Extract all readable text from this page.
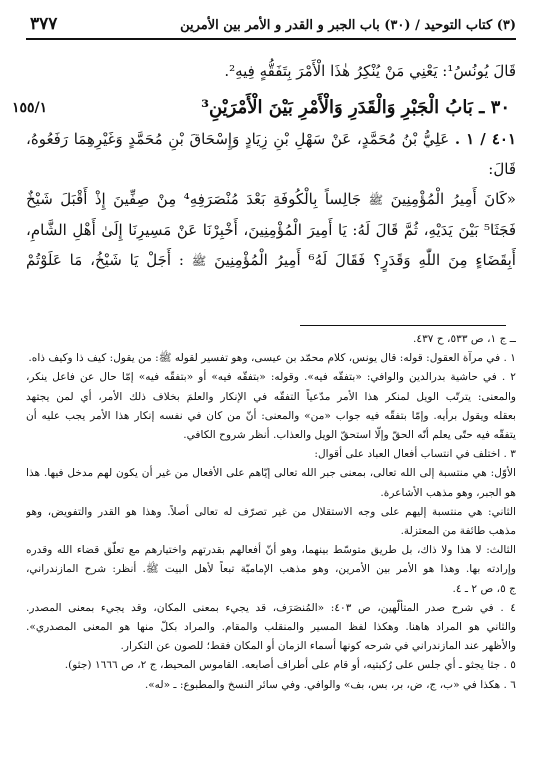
(٣) كتاب التوحيد / (٣٠) باب الجبر و القدر و الأمر بين الأمرين
٣٧٧
قَالَ يُونُسُ¹: يَعْنِي مَنْ يُنْكِرُ هٰذَا الْأَمْرَ بِتَفَقُّهٍ فِيهِ².
٣٠ ـ بَابُ الْجَبْرِ وَالْقَدَرِ وَالْأَمْرِ بَيْنَ الْأَمْرَيْنِ³
١٥٥/١
٤٠١ / ١ . عَلِيُّ بْنُ مُحَمَّدٍ، عَنْ سَهْلِ بْنِ زِيَادٍ وَإِسْحَاقَ بْنِ مُحَمَّدٍ وَغَيْرِهِمَا رَفَعُوهُ،
قَالَ:
«كَانَ أَمِيرُ الْمُؤْمِنِينَ ﷺ جَالِساً بِالْكُوفَةِ بَعْدَ مُنْصَرَفِهِ⁴ مِنْ صِفِّينَ إِذْ أَقْبَلَ شَيْخٌ
فَجَثَا⁵ بَيْنَ يَدَيْهِ، ثُمَّ قَالَ لَهُ: يَا أَمِيرَ الْمُؤْمِنِينَ، أَخْبِرْنَا عَنْ مَسِيرِنَا إِلَىٰ أَهْلِ الشَّامِ،
أَبِقَضَاءٍ مِنَ اللّٰهِ وَقَدَرٍ؟ فَقَالَ لَهُ⁶ أَمِيرُ الْمُؤْمِنِينَ ﷺ : أَجَلْ يَا شَيْخُ، مَا عَلَوْتُمْ
ــ ج ١، ص ٥٣٣، ح ٤٣٧.
١ . في مرآة العقول: قوله: قال يونس، كلام محمّد بن عيسى، وهو تفسير لقوله ﷺ: من يقول: كيف ذا وكيف ذاه.
٢ . في حاشية بدرالدين والوافي: «بتفقّه فيه». وقوله: «بتفقّه فيه» أو «بتفقّه فيه» إمّا حال عن فاعل ينكر،
والمعنى: يترتّب الويل لمنكر هذا الأمر مدّعياً التفقّه في الإنكار والعلمَ بخلاف ذلك الأمر، أي لمن يجتهد
بعقله ويقول برأيه. وإمّا بتفقّه فيه جواب «من» والمعنى: أنّ من كان في نفسه إنكار هذا الأمر يجب عليه أن
يتفقّه فيه حتّى يعلم أنّه الحقّ وإلّا استحقّ الويل والعذاب. أنظر شروح الكافي.
٣ . اختلف في انتساب أفعال العباد على أقوال:
الأوّل: هي منتسبة إلى الله تعالى، بمعنى جبر الله تعالى إيّاهم على الأفعال من غير أن يكون لهم مدخل فيها. هذا
هو الجبر، وهو مذهب الأشاعرة.
الثاني: هي منتسبة إليهم على وجه الاستقلال من غير تصرّف له تعالى أصلاً. وهذا هو القدر والتفويض، وهو
مذهب طائفة من المعتزلة.
الثالث: لا هذا ولا ذاك، بل طريق متوسّط بينهما، وهو أنّ أفعالهم بقدرتهم واختيارهم مع تعلّق قضاء الله وقدره
وإرادته بها. وهذا هو الأمر بين الأمرين، وهو مذهب الإماميّة تبعاً لأهل البيت ﷺ. أنظر: شرح المازندراني،
ج ٥، ص ٢ ـ ٤.
٤ . في شرح صدر المتألّهين، ص ٤٠٣: «المُنصَرَف، قد يجيء بمعنى المكان، وقد يجيء بمعنى المصدر.
والثاني هو المراد هاهنا. وهكذا لفظ المسير والمنقلب والمقام. والمراد بكلّ منها هو المعنى المصدري».
والأظهر عند المازندراني في شرحه كونها أسماء الزمان أو المكان فقط؛ للصون عن التكرار.
٥ . جثا يجثو ـ أي جلس على رُكبتيه، أو قام على أطراف أصابعه. القاموس المحيط، ج ٢، ص ١٦٦٦ (جثو).
٦ . هكذا في «ب، ج، ض، بر، بس، بف» والوافي. وفي سائر النسخ والمطبوع: ـ «له».
